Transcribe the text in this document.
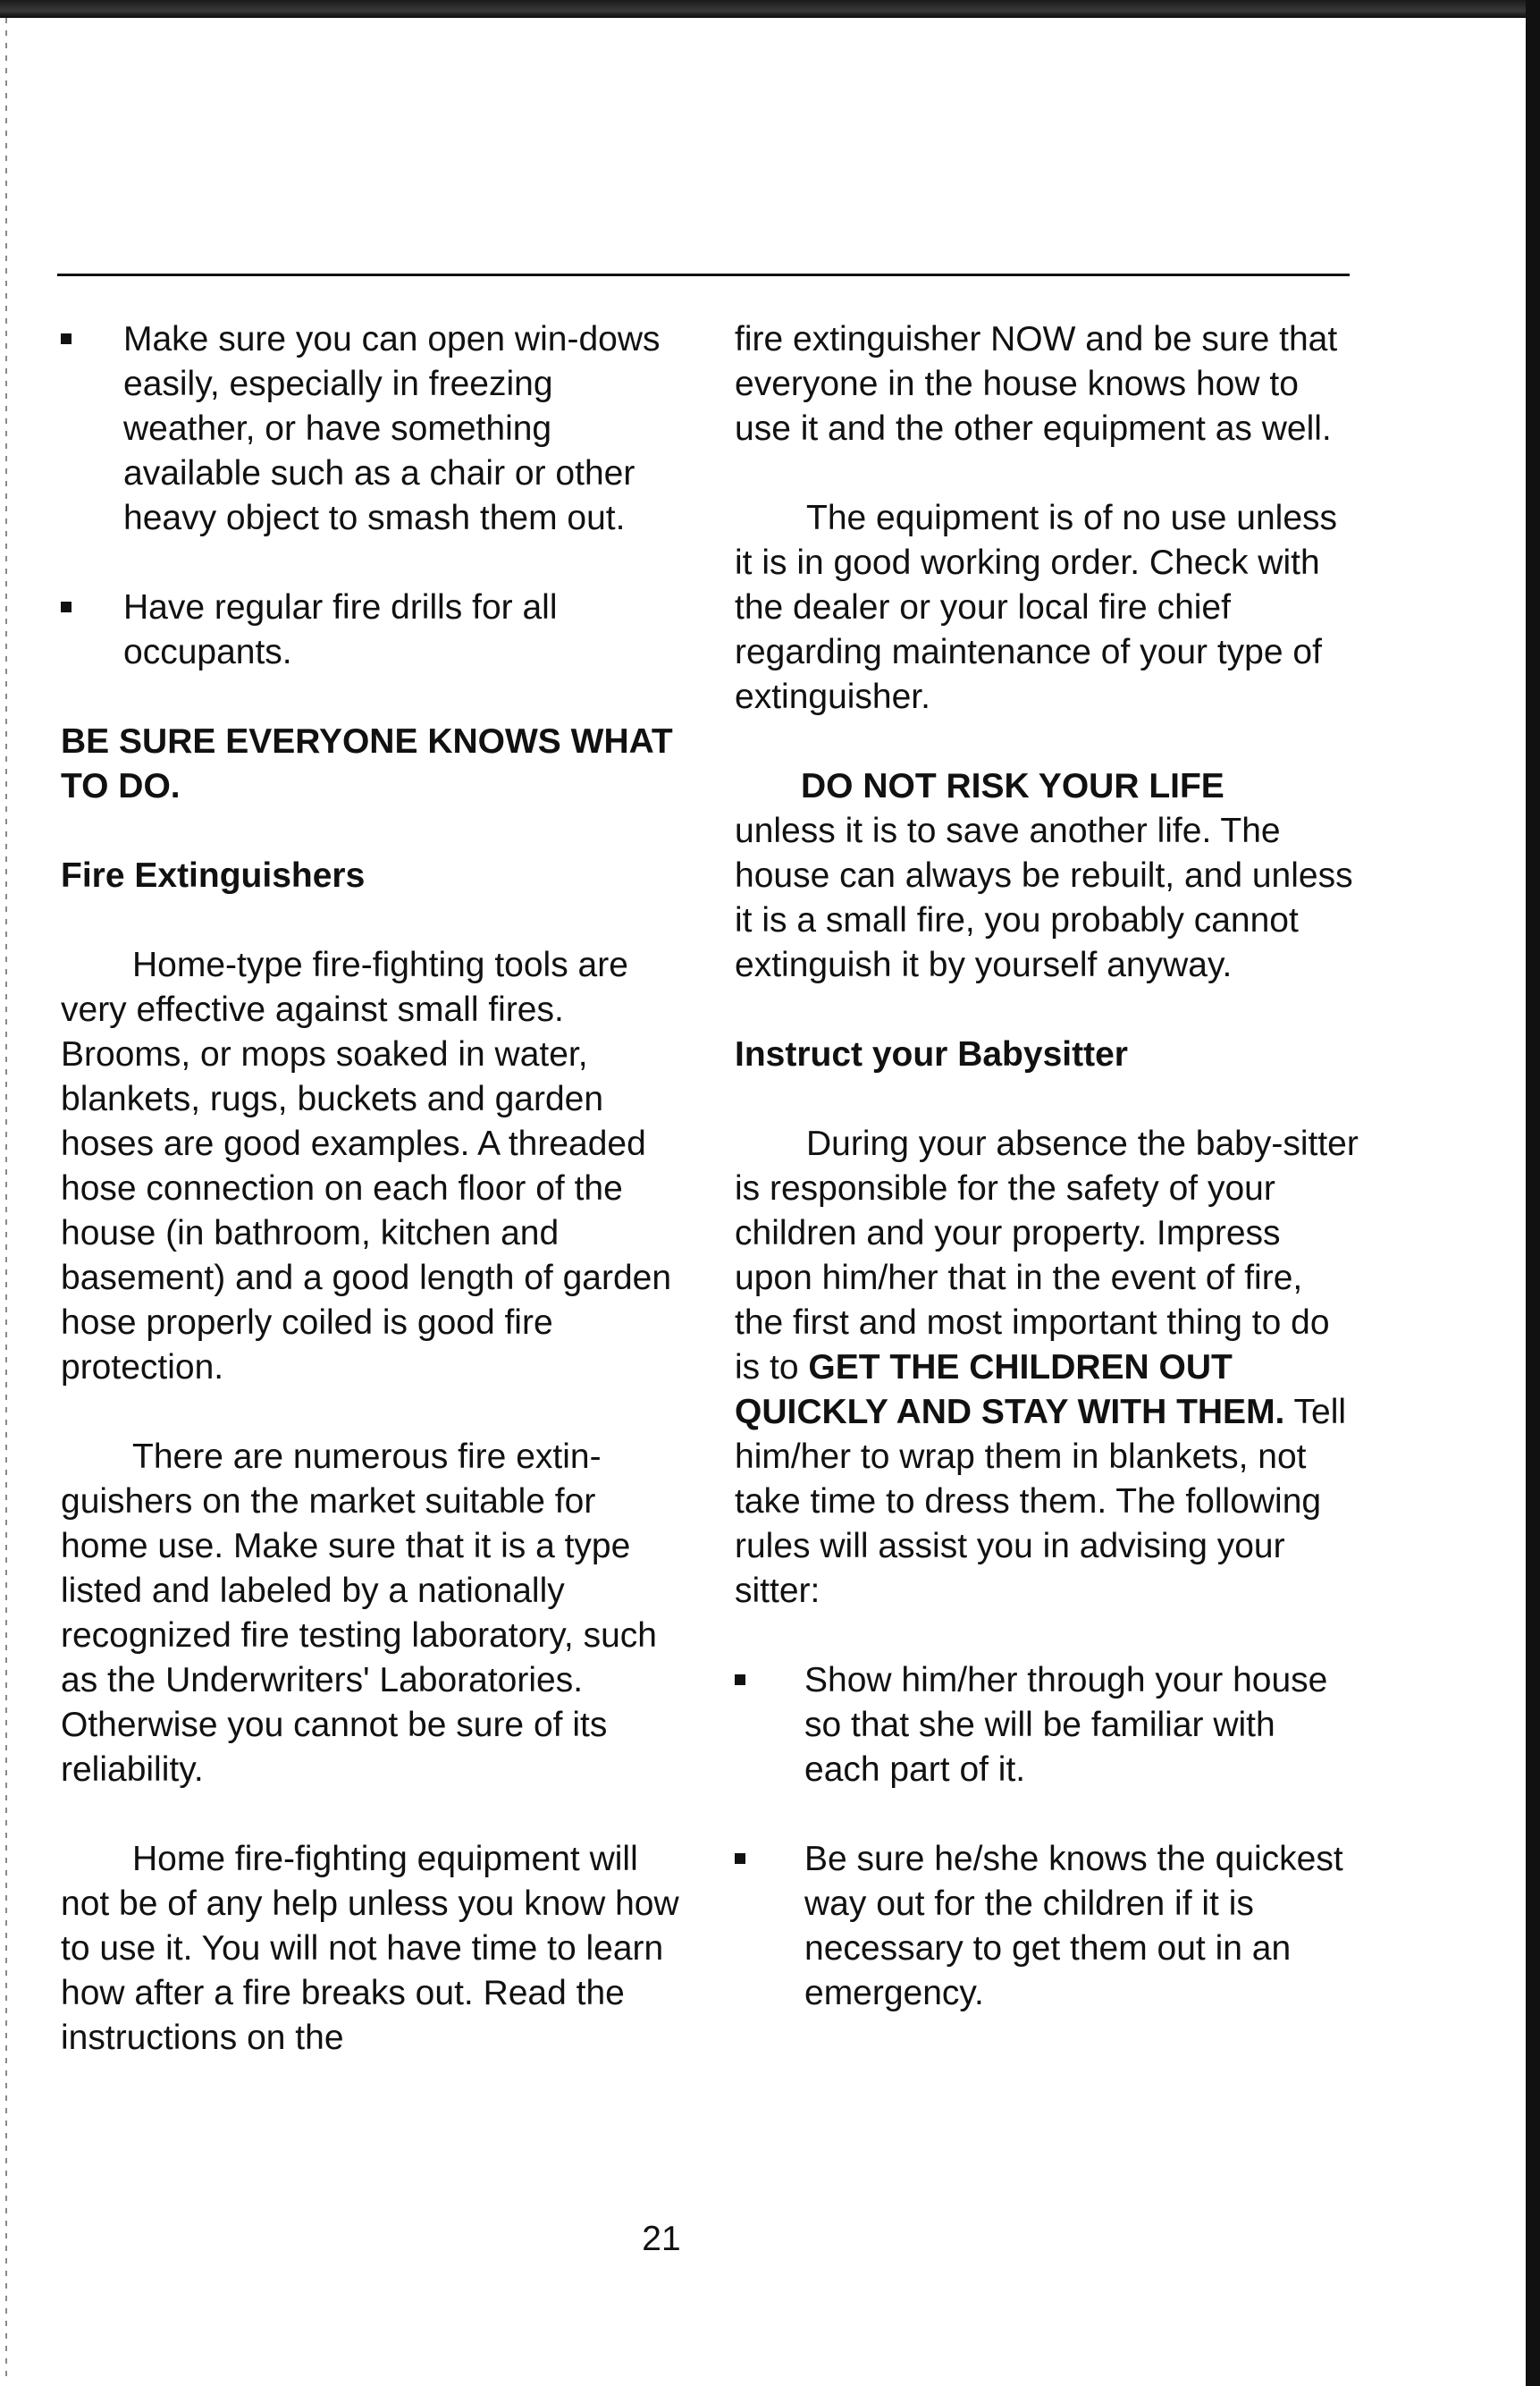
Make sure you can open win-dows easily, especially in freezing weather, or have something available such as a chair or other heavy object to smash them out.

Have regular fire drills for all occupants.

BE SURE EVERYONE KNOWS WHAT TO DO.
Fire Extinguishers

Home-type fire-fighting tools are very effective against small fires. Brooms, or mops soaked in water, blankets, rugs, buckets and garden hoses are good examples. A threaded hose connection on each floor of the house (in bathroom, kitchen and basement) and a good length of garden hose properly coiled is good fire protection.

There are numerous fire extin-guishers on the market suitable for home use. Make sure that it is a type listed and labeled by a nationally recognized fire testing laboratory, such as the Underwriters' Laboratories. Otherwise you cannot be sure of its reliability.

Home fire-fighting equipment will not be of any help unless you know how to use it. You will not have time to learn how after a fire breaks out. Read the instructions on the

fire extinguisher NOW and be sure that everyone in the house knows how to use it and the other equipment as well.

The equipment is of no use unless it is in good working order. Check with the dealer or your local fire chief regarding maintenance of your type of extinguisher.

DO NOT RISK YOUR LIFE

unless it is to save another life. The house can always be rebuilt, and unless it is a small fire, you probably cannot extinguish it by yourself anyway.

Instruct your Babysitter

During your absence the baby-sitter is responsible for the safety of your children and your property. Impress upon him/her that in the event of fire, the first and most important thing to do is to GET THE CHILDREN OUT QUICKLY AND STAY WITH THEM. Tell him/her to wrap them in blankets, not take time to dress them. The following rules will assist you in advising your sitter:

Show him/her through your house so that she will be familiar with each part of it.

Be sure he/she knows the quickest way out for the children if it is necessary to get them out in an emergency.

21
